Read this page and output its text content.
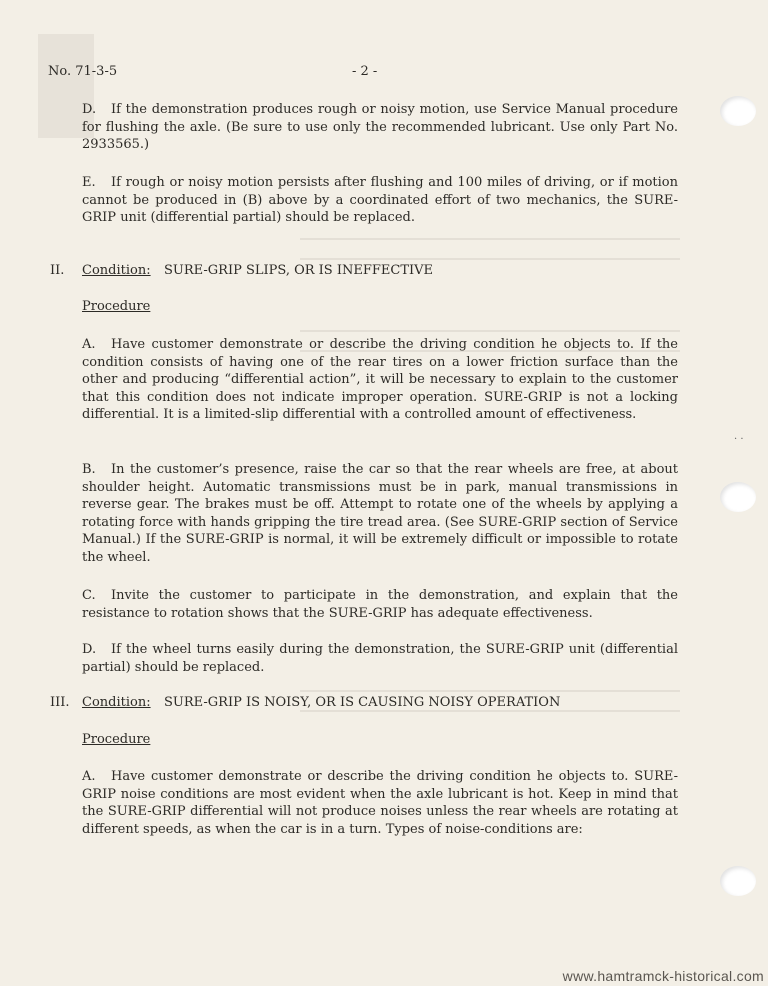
· ·
No. 71-3-5	- 2 -
D.	If the demonstration produces rough or noisy motion, use Service Manual procedure for flushing the axle. (Be sure to use only the recommended lubricant. Use only Part No. 2933565.)
E.	If rough or noisy motion persists after flushing and 100 miles of driving, or if motion cannot be produced in (B) above by a coordinated effort of two mechanics, the SURE-GRIP unit (differential partial) should be replaced.
II. Condition: SURE-GRIP SLIPS, OR IS INEFFECTIVE
Procedure
A.	Have customer demonstrate or describe the driving condition he objects to. If the condition consists of having one of the rear tires on a lower friction surface than the other and producing “differential action”, it will be necessary to explain to the customer that this condition does not indicate improper operation. SURE-GRIP is not a locking differential. It is a limited-slip differential with a controlled amount of effectiveness.
B.	In the customer’s presence, raise the car so that the rear wheels are free, at about shoulder height. Automatic transmissions must be in park, manual transmissions in reverse gear. The brakes must be off. Attempt to rotate one of the wheels by applying a rotating force with hands gripping the tire tread area. (See SURE-GRIP section of Service Manual.) If the SURE-GRIP is normal, it will be extremely difficult or impossible to rotate the wheel.
C.	Invite the customer to participate in the demonstration, and explain that the resistance to rotation shows that the SURE-GRIP has adequate effectiveness.
D.	If the wheel turns easily during the demonstration, the SURE-GRIP unit (differential partial) should be replaced.
III. Condition: SURE-GRIP IS NOISY, OR IS CAUSING NOISY OPERATION
Procedure
A.	Have customer demonstrate or describe the driving condition he objects to. SURE-GRIP noise conditions are most evident when the axle lubricant is hot. Keep in mind that the SURE-GRIP differential will not produce noises unless the rear wheels are rotating at different speeds, as when the car is in a turn. Types of noise-conditions are:
www.hamtramck-historical.com
